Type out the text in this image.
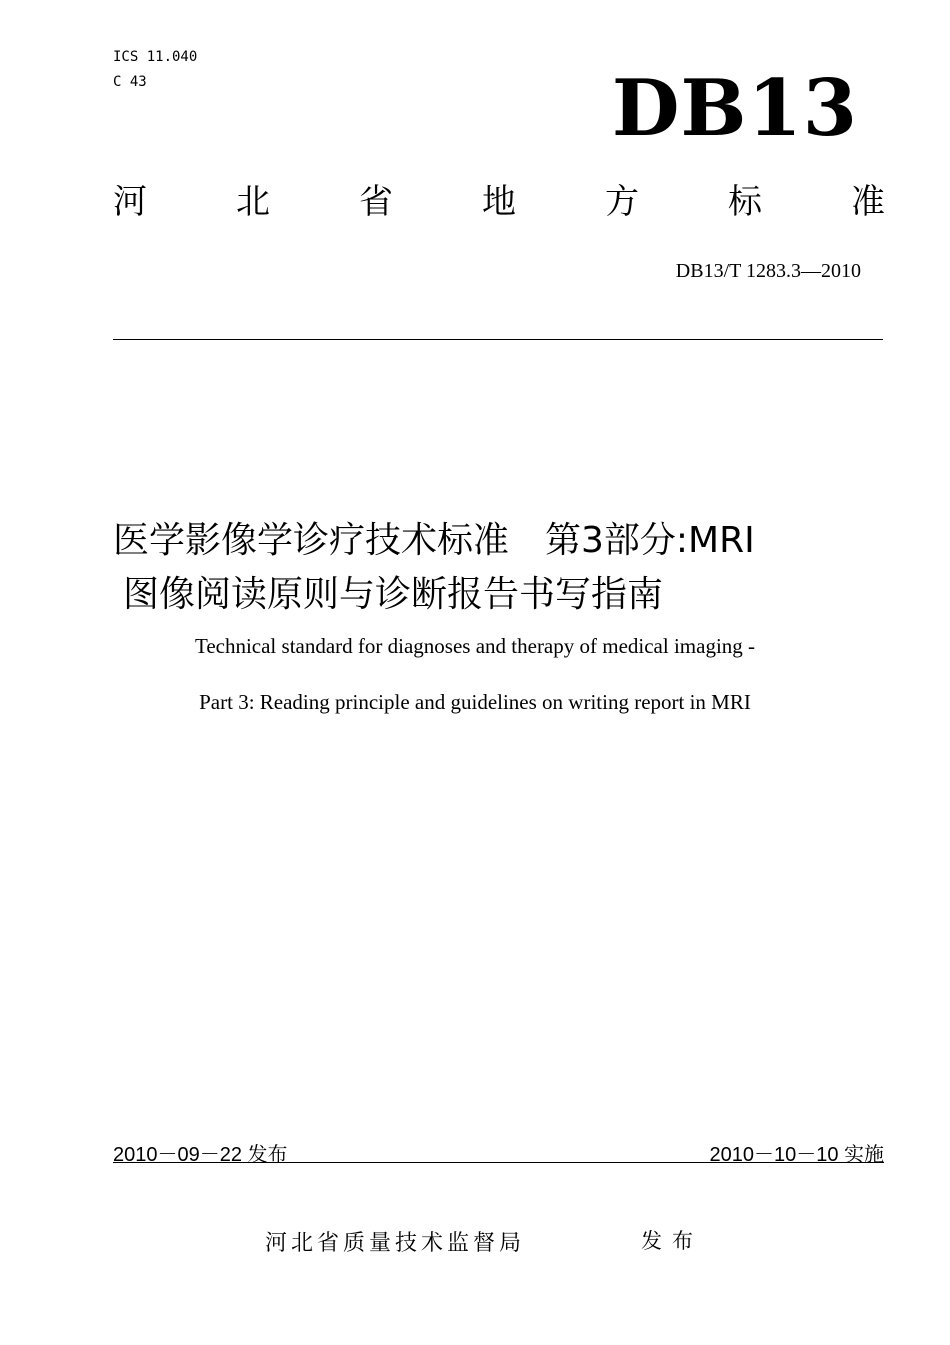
ICS 11.040
C 43	DB13
河	北	省	地	方	标	准
DB13/T 1283.3—2010
医学影像学诊疗技术标准　第3部分:MRI
图像阅读原则与诊断报告书写指南
Technical standard for diagnoses and therapy of medical imaging -
Part 3: Reading principle and guidelines on writing report in MRI
2010－09－22 发布	2010－10－10 实施
河北省质量技术监督局	发布
